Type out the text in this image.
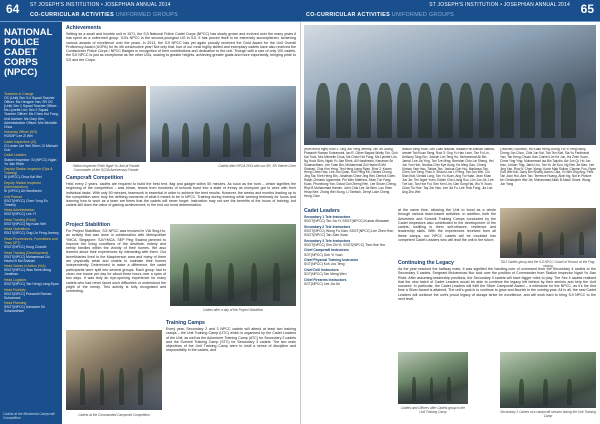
64 ST JOSEPH'S INSTITUTION • JOSEPHIAN ANNUAL 2014
CO-CURRICULAR ACTIVITIES UNIFORMED GROUPS
NATIONAL POLICE CADET CORPS (NPCC)
Teachers in Charge
OC (Unit) Sec 3-4 Squad Teacher Officer: Ms Hengwe Yan; SR OC (Unit) Sec 1 Squad Teacher Officer: Ms Lynette Lim; Sec 2 Squad Teacher Officer: Ms Chew Hui Fang; Unit Adviser: Ms Gary Sim; Administrative Officer: Mrs Michelle Chua
Honorary Officer (HO)
HO/DIP Lee Zi Wei
Cadet Inspectors (CI)
CI Lester Lim Wei Shen; CI Michael Goh
Cadet Leaders
Station Inspector: SI (NPCC) Ngah Yu Jian Rhek
Deputy Station Inspector (Ops & Training)
SI (NPCC) Chua Kai Wei
Deputy Station Inspector (Administration)
SI (NPCC) Ali Handhesin
Unit Paread
SSGT(NPCC) Chen Yong En Timothy
Head Administration
SSGT(NPCC) Lee YI
Head Training (Field)
SSGT(NPCC) Ng Kuan Wei
Head Operations
SSGT(NPCC) Ong Lin Feng Jeremy
Head Proceedures, Formations and Tests (IPT)
SSGT(NPCC) Kung Chaolei
Head Training (Development)
SSGT(NPCC) Muhammad Zul Hazim B Md Shahari
Head Values in Action (VIA)
SSGT(NPCC) Wan Seek Meng Jonathan
Head Logistics
SSGT(NPCC) Tan Heng Liang Ryan
Head Publicity
SSGT(NPCC) Prasanth Raman Subramani
Head Planning
SSGT(NPCC) Kanaram Sri Sotanantham
Cadets at the Ministerial Campcraft Competition
Achievements

Setting as a small and humble unit in 1971, the SJI National Police Cadet Corps (NPCC) has slowly grown and evolved over the many years it has spent as a uniformed group. SJI's NPCC is the second-youngest UG in SJI, it has proven itself to be extremely accomplished, achieving various awards of excellence over the years. In 2013, the SJI NPCC has yet again proudly received the Gold Award for the Unit Overall Proficiency Award (UOPA) for its 4th consecutive year! Not only that, four of our most highly skilled and exemplary cadets have also received the Comissioner Police Corps / NPCC Badges in recognition of their contributions and dedication to the unit. Though with a size of only 100 cadets, the SJI NPCC is just as exceptional as the other UGs, soaring to greater heights, achieving greater goals and more importantly, bringing pride to SJI and the Corps.

Station Inspector Rhek Ngah Yu Jian at Parade Commander of the SCDA Anniversary Parade
Cadets after NPCA 2014 with our SR, SR Valerie Chen
Campcraft Competition

Held every 2 years, cadets are required to build the best tent, flag and gadget within 50 minutes. As soon as the horn – which signifies the beginning of the competition – was blown, teams from hundreds of schools burst into a state of frenzy as everyone got to work with their individual tasks. With only 50 minutes, teamwork is essential in order to achieve the best results. However, the weeks and months leading up to the competition were truly the defining moments of what it meant to be in NPCC. Training during evening while working tirelessly for hours and learning how to work as a team are times that the cadets will never forget. Instruction may not see the benefits of the hours of training, but cadets still learn the value of gaining achievement, in the end our most determination.

Project Stabilition

For Project Stabilition, SJI NPCC was involved in VIA Sing-Ho, an activity that was done in collaboration with Metropolitan YMCA, Singapore. SJI/YMCA. SEP Ping Swaina jammed to improve the living conditions of the destitute, elderly and needy families within the vicinity of their homes. We also learned about their experiences by interacting with them. Our beneficiaries lived in the Macpherson area and many of them are physically weak and unable to maintain their homes independently. Determined to make a difference, the cadet participants were split into several groups. Each group had to clean one house per day for about three hours over a span of two days. It was truly an eye-opening experience for many cadets who had never faced such difficulties or understood the plight of the needy. This activity is fully recognised and comforting.

Cadets after a day of the Project Stabilition
Training Camps

Every year, Secondary 2 and 3 NPCC cadets will attend at least two training camps – the Unit Training Camp (UTC) which is organised by the Cadet Leaders of the Unit, as well as the Adventure Training Camp (ATC) for Secondary 2 cadets and the Summit Training Camp (STC) for Secondary 3 cadets. The two main objectives of the Unit Training Camp were to instil a sense of discipline and responsibility in the cadets, and

Cadets at the Commanded Campcraft Competition
CO-CURRICULAR ACTIVITIES UNIFORMED GROUPS
ST JOSEPH'S INSTITUTION • JOSEPHIAN ANNUAL 2014 65
(from left to right) Row 1: Ong Jun Yong Jeremy, Tan Jin Juang, Prasanth Raman Subramani, Ian R. Oliver Bayani Winlty Toh, Goh Kai Tuck, Mrs Michelle Chua, Ms Chew Hui Fang, Ms Lynette Lim, Ng Hock Shin, Ngah Yu Jian Rhek, Ali Handhesin, Kanaram Sri Sotanantham, Lee Yuan Bin, Muhammad Zul Hazim B Md Shahari, Chia Kim Yeng, Ten Heng Liang Ryan. Row 2: Kwam Heng Chew Hao, Lee Jun Quan, Koh Peng Kit, Gerard Chong Jing Sai, Kieb Heng Bin, Jonathan Chew Jing Wei, Derrick Goen, Ralph Chinedu Ugwumba; Pin Wen Matthew, Sean Tun Fang Kuan, Phonelong Yan, David Goh Zheng Ren, Lee Shuen Cheng, Rhyl B Muhammad Hamim, John Chia Lee Jia Wen, Lau Shen Heap Nee, Zhong Wei Xiong, Li Tambuh, Derryl Loke Cheng Heng, Dion
Wilson Yang Yuan, Sim Luan Nikolas, Wakabi Hill Ahmad Takbira, Ivester Tan Kuan Seng. Row 3: Ong Yu Hao Leon, Tan Fu Lin, Anthony Tang Ern, Joseph Lim Teng Ho, Muhammad Ali Bin Jamal, Lee Jia Ying, Tan Tze Ming, Brendan Chin Lai Sheng, Hei Jun Yun Hoe, Nicolas Chin Kye Aung, Ho Ming Gao, Chong Xinhao Yaw Hao, Tobias Tan, Joshua Goh Hui, Marianus Tan, Chen Jun Yang. Row 4: Shaun Low Li Peng, Tan Jun Wei, Ciu Sian Kiat, Gerald Long, Tan Yu Xuan, Ang Yu Huan, Jean Khan Jun Jie, Teo Ngee Yuen, Edwin Chiu Liang Soo, Lim Jun Jie, Lee Tze Ian, Tan Hoe Fui, Sen Ken Lim, Dan Song Hai, Wu Yi Xuan, Chan Tio Hoe, Tay Jun Hao, Lee Jia Fu, Lee Teck Fong, Jia Loe, Ang Zhu Wei
(Teacher) Solomon, Ho Kuan Heng Zhong, Ho Yi Teng Nicky, Cheng Jun Chun, Chia Jun Kai, Tan Teo Kiat, Sia Yu Ferdinand Yan, Tan Keng Chuan Jian, Daniel Lim Ke Jun, Ha Zhen Xuan, Chew Ying Ying, Muhammad Isa Bin Tajudin, Aw Jun Qi, Ho Jun Hao, Jordan Ting, Jabin Lim, Tan Yu Jie Kon, Ng Ren Jie Alex, Lee Jing Yan. Row 5: Chen Xiang, Kovin Mak Shikar, Clayton Foo, Ryan Goh Wei Kai, Dany Bin Shafiq, Aaron Chia, Yu Wei Jing Ang, Felix Tan Joon Hui, Alex Tan, Terrence Huang, Alvin Ng. Not in Picture: Mr Christopher Wei Jie, Muhammad Aflah B Abdul Ghani, Wong Jun Yang
Cadet Leaders
Secondary 1 Tele Instructors
SSGT(NPCC) Teo Jia Yi; SSGT(NPCC) Kumar Alhasaen
Secondary 2 Tele Instructors
SSGT(NPCC) Wong Fu Xian; SSGT(NPCC) Lee Zhen Hoe; SSGT(NPCC) Tan Xian Xuan
Secondary 3 Tele Instructors
SSGT(NPCC) Sim Zhi Yi; SSGT(NPCC) Tian Hoe Hor
Chief Campcraft Instructors
SGT(NPCC) Goh Yi Yuan
Chief Physical Training Instructor
SGT(NPCC) Koh Joo Teng
Chief Drill Instructors
SGT(NPCC) Tan Meng Wen
Chief Firearms Instructors
SGT(NPCC) Lee Jia Jie
Cadets and Officers after Cadets group in the Unit Training Camp

at the same time, allowing the Unit to bond as a whole through various team-based activities. In addition, both the Adventure and Summit Training Camps conducted by the Cadet Inspectors also contributed to the development of the cadets, instilling in them self-reliance, resilience and leadership skills. With the experiences received from all these camps, our NPCC cadets will be moulded into competent Cadet Leaders who will lead the unit in the future.

Continuing the Legacy

As the year reached the halfway mark, it was signified the handing-over of command from the Secondary 4 cadets to the Secondary 3 cadets. Sergeant Muhammad Nur took over the position of Commander from Station Inspector Ngah Yu Jian Rhek. After assuming leadership positions, the Secondary 3 cadets will have bigger roles to play. The Sec 4 cadets realised that the new batch of Cadet Leaders would be able to continue the legacy left behind by their seniors and help the Unit succeed. In particular, the Cadet Leaders will fulfil the Silver Campcraft Award – a milestone for the NPCC, as it's the first time a Silver Award is attained. The unit's goal is to continue to grow and flourish in the coming year. All in all, the new Cadet Leaders will continue the unit's proud legacy of always strive for excellence, and will work hard to bring SJI NPCC to the next level.

SDJ Cadets group and the SJI NPCC Guard of Honour at the Flag-raising
Secondary 1 Cadets at a campcraft session during the Unit Training Camp
